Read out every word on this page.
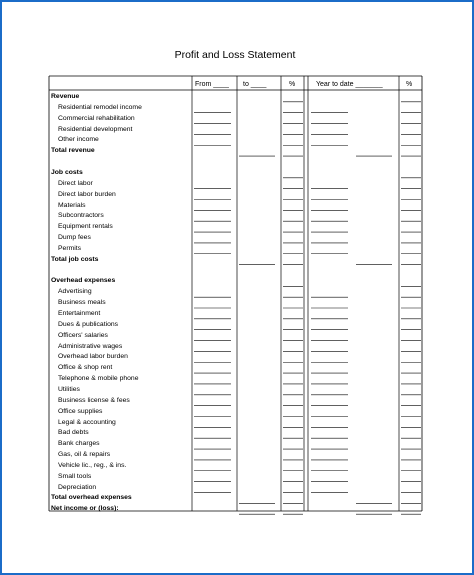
Profit and Loss Statement
From ____ to ____	%	Year to date _______	%
Revenue
Residential remodel income
Commercial rehabilitation
Residential development
Other income
Total revenue
Job costs
Direct labor
Direct labor burden
Materials
Subcontractors
Equipment rentals
Dump fees
Permits
Total job costs
Overhead expenses
Advertising
Business meals
Entertainment
Dues & publications
Officers' salaries
Administrative wages
Overhead labor burden
Office & shop rent
Telephone & mobile phone
Utilities
Business license & fees
Office supplies
Legal & accounting
Bad debts
Bank charges
Gas, oil & repairs
Vehicle lic., reg., & ins.
Small tools
Depreciation
Total overhead expenses
Net income or (loss):
